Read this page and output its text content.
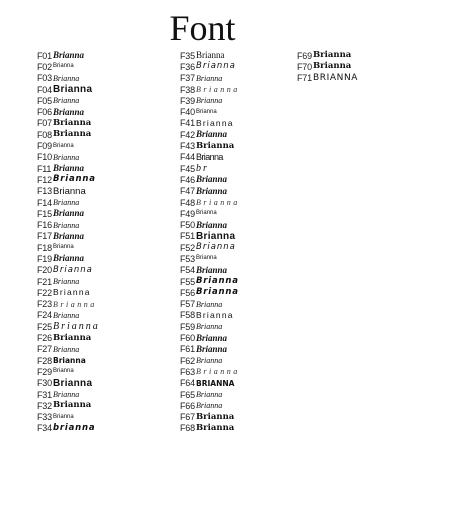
Font
F01 Brianna
F02 Brianna
F03 Brianna
F04 Brianna
F05 Brianna
F06 Brianna
F07 Brianna
F08 Brianna
F09 Brianna
F10 Brianna
F11 Brianna
F12 Brianna
F13 Brianna
F14 Brianna
F15 Brianna
F16 Brianna
F17 Brianna
F18 Brianna
F19 Brianna
F20 Brianna
F21 Brianna
F22 Brianna
F23 Brianna
F24 Brianna
F25 Brianna
F26 Brianna
F27 Brianna
F28 Brianna
F29 Brianna
F30 Brianna
F31 Brianna
F32 Brianna
F33 Brianna
F34 brianna
F35 Brianna
F36 Brianna
F37 Brianna
F38 Brianna
F39 Brianna
F40 Brianna
F41 Brianna
F42 Brianna
F43 Brianna
F44 Brianna
F45 br
F46 Brianna
F47 Brianna
F48 Brianna
F49 Brianna
F50 Brianna
F51 Brianna
F52 Brianna
F53 Brianna
F54 Brianna
F55 Brianna
F56 Brianna
F57 Brianna
F58 Brianna
F59 Brianna
F60 Brianna
F61 Brianna
F62 Brianna
F63 Brianna
F64 BRIANNA
F65 Brianna
F66 Brianna
F67 Brianna
F68 Brianna
F69 Brianna
F70 Brianna
F71 BRIANNA
